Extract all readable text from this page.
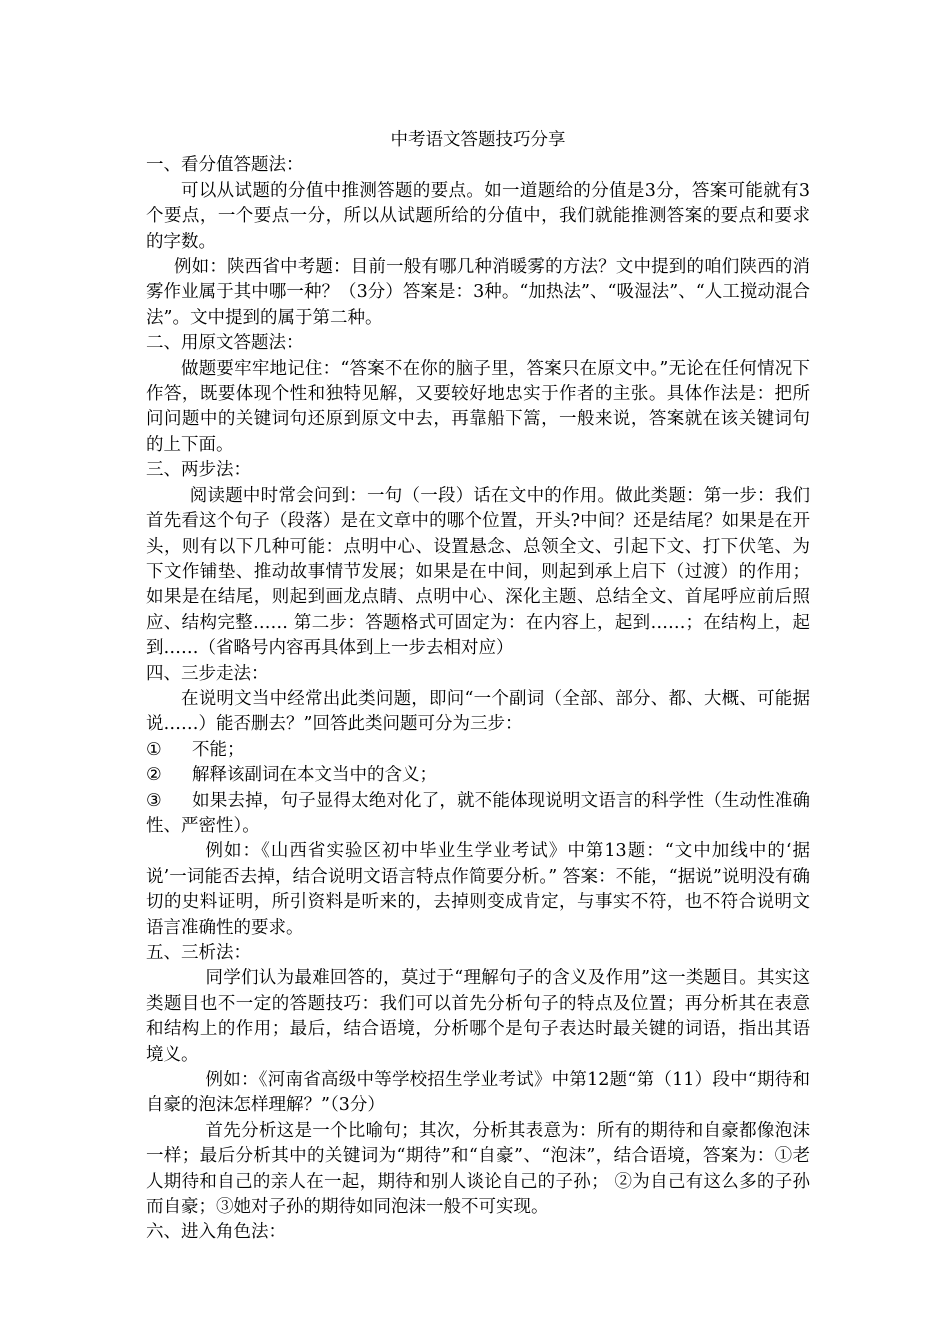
中考语文答题技巧分享
一、看分值答题法：

可以从试题的分值中推测答题的要点。如一道题给的分值是3分，答案可能就有3个要点，一个要点一分，所以从试题所给的分值中，我们就能推测答案的要点和要求的字数。

例如：陕西省中考题：目前一般有哪几种消暖雾的方法？文中提到的咱们陕西的消雾作业属于其中哪一种？（3分）答案是：3种。“加热法”、“吸湿法”、“人工搅动混合法”。文中提到的属于第二种。

二、用原文答题法：

做题要牢牢地记住：“答案不在你的脑子里，答案只在原文中。”无论在任何情况下作答，既要体现个性和独特见解，又要较好地忠实于作者的主张。具体作法是：把所问问题中的关键词句还原到原文中去，再靠船下篙，一般来说，答案就在该关键词句的上下面。

三、两步法：

阅读题中时常会问到：一句（一段）话在文中的作用。做此类题：第一步：我们首先看这个句子（段落）是在文章中的哪个位置，开头?中间？还是结尾？如果是在开头，则有以下几种可能：点明中心、设置悬念、总领全文、引起下文、打下伏笔、为下文作铺垫、推动故事情节发展；如果是在中间，则起到承上启下（过渡）的作用；如果是在结尾，则起到画龙点睛、点明中心、深化主题、总结全文、首尾呼应前后照应、结构完整…… 第二步：答题格式可固定为：在内容上，起到……；在结构上，起到……（省略号内容再具体到上一步去相对应）

四、三步走法：

在说明文当中经常出此类问题，即问“一个副词（全部、部分、都、大概、可能据说……）能否删去？”回答此类问题可分为三步：

①	不能；
②	解释该副词在本文当中的含义；

③ 如果去掉，句子显得太绝对化了，就不能体现说明文语言的科学性（生动性准确性、严密性）。

例如：《山西省实验区初中毕业生学业考试》中第13题：“文中加线中的‘据说’一词能否去掉，结合说明文语言特点作简要分析。” 答案：不能，“据说”说明没有确切的史料证明，所引资料是听来的，去掉则变成肯定，与事实不符，也不符合说明文语言准确性的要求。

五、三析法：

同学们认为最难回答的，莫过于“理解句子的含义及作用”这一类题目。其实这类题目也不一定的答题技巧：我们可以首先分析句子的特点及位置；再分析其在表意和结构上的作用；最后，结合语境，分析哪个是句子表达时最关键的词语，指出其语境义。

例如：《河南省高级中等学校招生学业考试》中第12题“第（11）段中“期待和自豪的泡沫怎样理解？”（3分）

首先分析这是一个比喻句；其次，分析其表意为：所有的期待和自豪都像泡沫一样；最后分析其中的关键词为“期待”和“自豪”、“泡沫”，结合语境，答案为：①老人期待和自己的亲人在一起，期待和别人谈论自己的子孙； ②为自己有这么多的子孙而自豪；③她对子孙的期待如同泡沫一般不可实现。

六、进入角色法：
